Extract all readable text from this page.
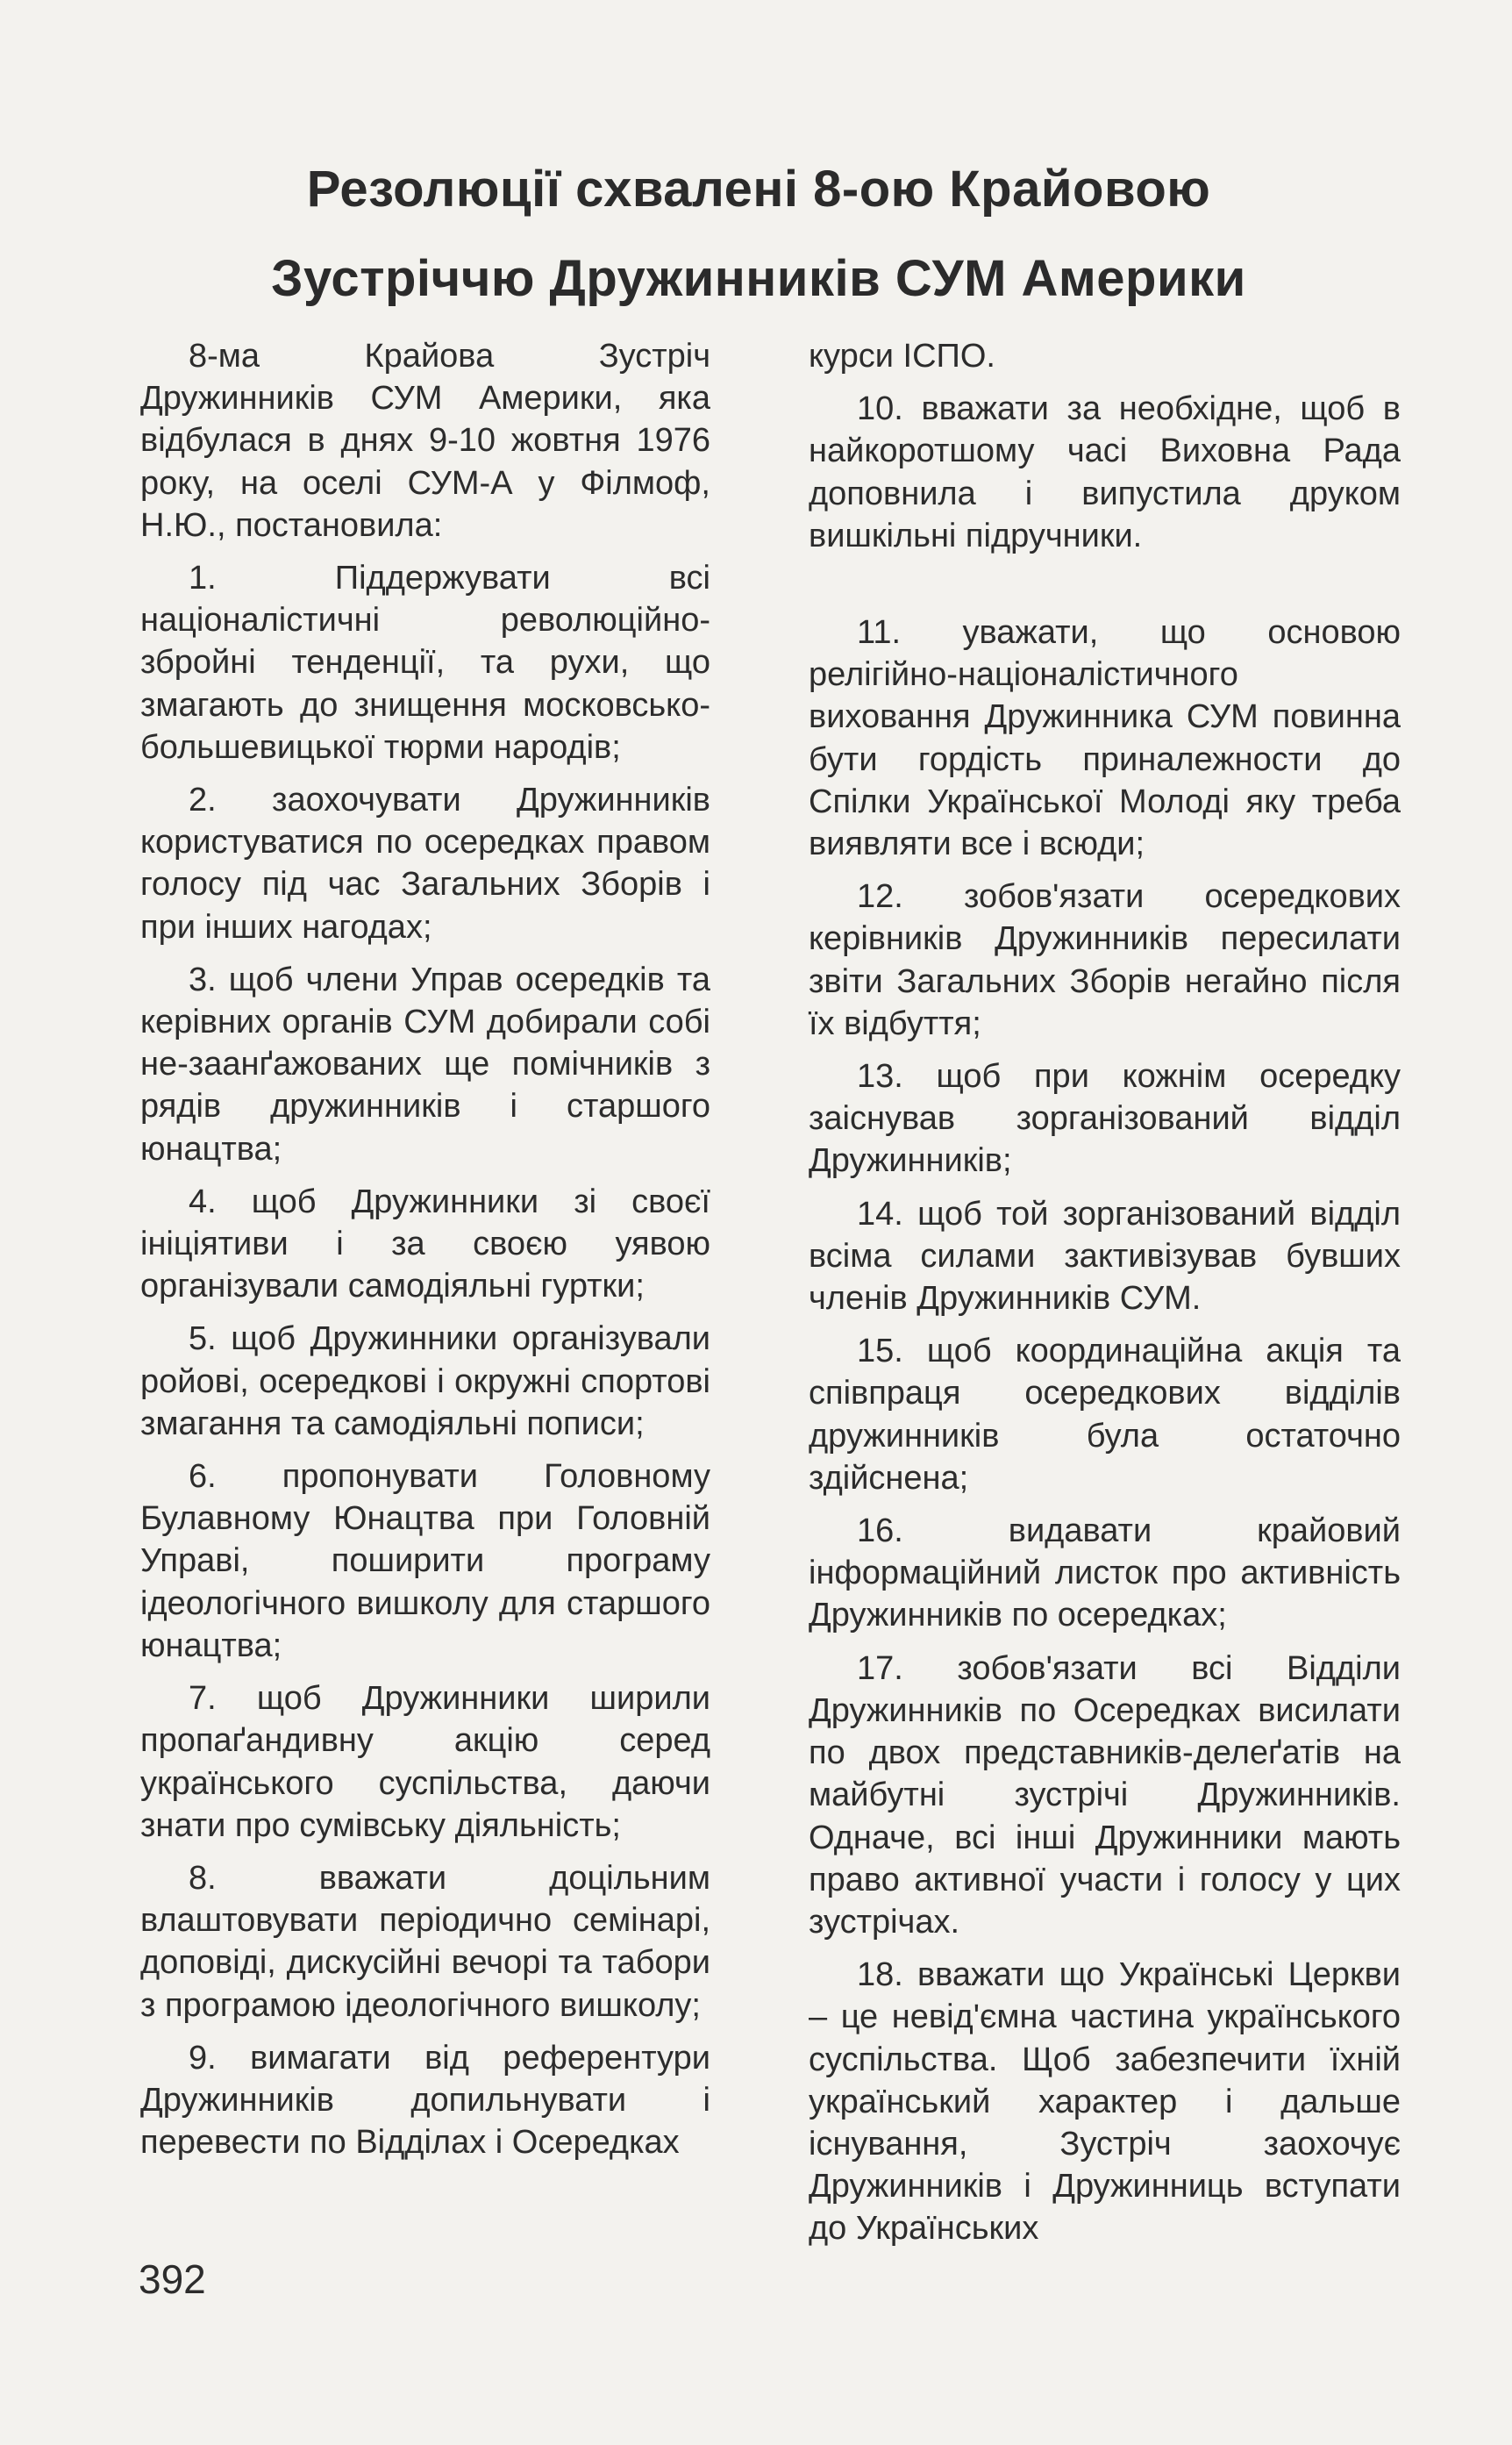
Резолюції схвалені 8-ою Крайовою
Зустріччю Дружинників СУМ Америки

8-ма Крайова Зустріч Дружинників СУМ Америки, яка відбулася в днях 9-10 жовтня 1976 року, на оселі СУМ-А у Філмоф, Н.Ю., постановила:

1. Піддержувати всі націоналістичні революційно-збройні тенденції, та рухи, що змагають до знищення московсько-большевицької тюрми народів;

2. заохочувати Дружинників користуватися по осередках правом голосу під час Загальних Зборів і при інших нагодах;

3. щоб члени Управ осередків та керівних органів СУМ добирали собі не-заанґажованих ще помічників з рядів дружинників і старшого юнацтва;

4. щоб Дружинники зі своєї ініціятиви і за своєю уявою організували самодіяльні гуртки;

5. щоб Дружинники організували ройові, осередкові і окружні спортові змагання та самодіяльні пописи;

6. пропонувати Головному Булавному Юнацтва при Головній Управі, поширити програму ідеологічного вишколу для старшого юнацтва;

7. щоб Дружинники ширили пропаґандивну акцію серед українського суспільства, даючи знати про сумівську діяльність;

8. вважати доцільним влаштовувати періодично семінарі, доповіді, дискусійні вечорі та табори з програмою ідеологічного вишколу;

9. вимагати від референтури Дружинників допильнувати і перевести по Відділах і Осередках

курси ІСПО.

10. вважати за необхідне, щоб в найкоротшому часі Виховна Рада доповнила і випустила друком вишкільні підручники.

11. уважати, що основою релігійно-націоналістичного виховання Дружинника СУМ повинна бути гордість приналежности до Спілки Української Молоді яку треба виявляти все і всюди;

12. зобов'язати осередкових керівників Дружинників пересилати звіти Загальних Зборів негайно після їх відбуття;

13. щоб при кожнім осередку заіснував зорганізований відділ Дружинників;

14. щоб той зорганізований відділ всіма силами зактивізував бувших членів Дружинників СУМ.

15. щоб координаційна акція та співпраця осередкових відділів дружинників була остаточно здійснена;

16. видавати крайовий інформаційний листок про активність Дружинників по осередках;

17. зобов'язати всі Відділи Дружинників по Осередках висилати по двох представників-делеґатів на майбутні зустрічі Дружинників. Одначе, всі інші Дружинники мають право активної участи і голосу у цих зустрічах.

18. вважати що Українські Церкви – це невід'ємна частина українського суспільства. Щоб забезпечити їхній український характер і дальше існування, Зустріч заохочує Дружинників і Дружинниць вступати до Українських

392
